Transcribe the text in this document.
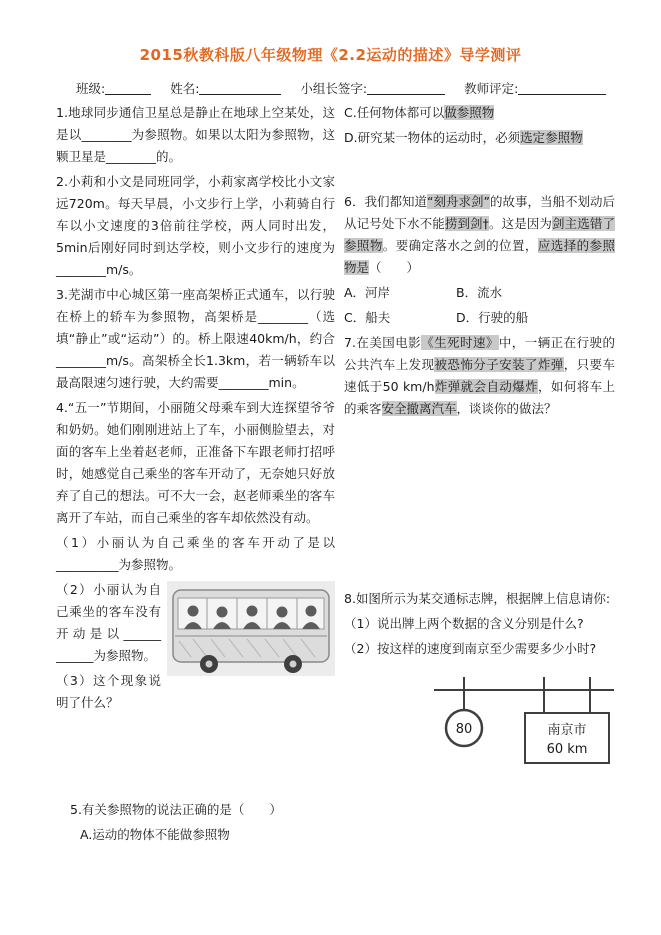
2015秋教科版八年级物理《2.2运动的描述》导学测评
班级:	姓名:	小组长签字:	教师评定:

1.地球同步通信卫星总是静止在地球上空某处，这是以________为参照物。如果以太阳为参照物，这颗卫星是________的。

2.小莉和小文是同班同学，小莉家离学校比小文家远720m。每天早晨，小文步行上学，小莉骑自行车以小文速度的3倍前往学校，两人同时出发，5min后刚好同时到达学校，则小文步行的速度为________m/s。

3.芜湖市中心城区第一座高架桥正式通车，以行驶在桥上的轿车为参照物，高架桥是________（选填“静止”或“运动”）的。桥上限速40km/h，约合________m/s。高架桥全长1.3km，若一辆轿车以最高限速匀速行驶，大约需要________min。

4.“五一”节期间，小丽随父母乘车到大连探望爷爷和奶奶。她们刚刚进站上了车，小丽侧脸望去，对面的客车上坐着赵老师，正准备下车跟老师打招呼时，她感觉自己乘坐的客车开动了，无奈她只好放弃了自己的想法。可不大一会，赵老师乘坐的客车离开了车站，而自己乘坐的客车却依然没有动。

（1）小丽认为自己乘坐的客车开动了是以__________为参照物。

（2）小丽认为自己乘坐的客车没有开动是以______ ______为参照物。

（3）这个现象说明了什么？

5.有关参照物的说法正确的是（　　）

A.运动的物体不能做参照物

C.任何物体都可以做参照物

D.研究某一物体的运动时，必须选定参照物

6．我们都知道“刻舟求剑”的故事，当船不划动后从记号处下水不能捞到剑†。这是因为剑主选错了参照物。要确定落水之剑的位置，应选择的参照物是（　　）

A．河岸	B．流水

C．船夫	D．行驶的船

7.在美国电影《生死时速》中，一辆正在行驶的公共汽车上发现被恐怖分子安装了炸弹，只要车速低于50 km/h炸弹就会自动爆炸，如何将车上的乘客安全撤离汽车，谈谈你的做法？

8.如图所示为某交通标志牌，根据牌上信息请你:

（1）说出牌上两个数据的含义分别是什么?

（2）按这样的速度到南京至少需要多少小时?

80	南京市
60 km
